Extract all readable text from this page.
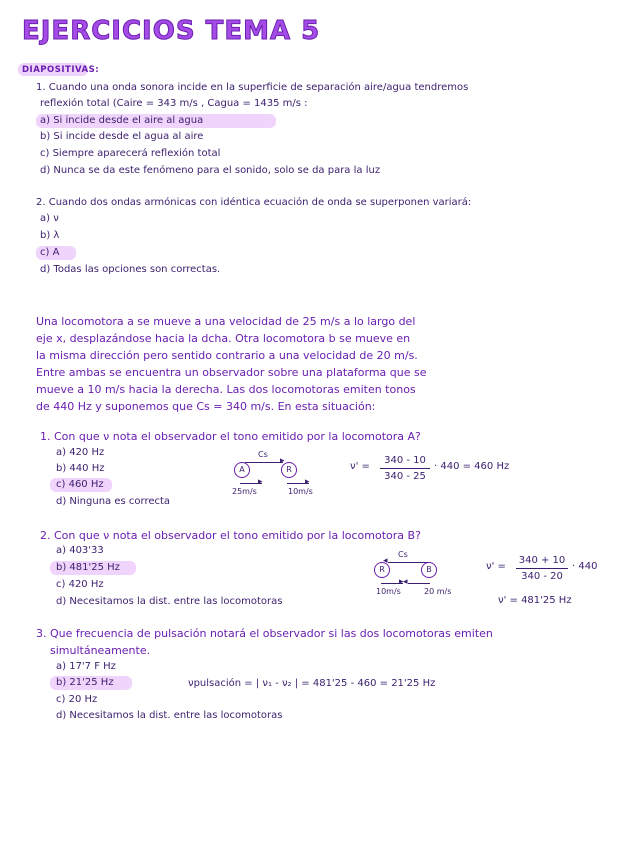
EJERCICIOS TEMA 5
DIAPOSITIVAS:
1. Cuando una onda sonora incide en la superficie de separación aire/agua tendremos
reflexión total (Caire = 343 m/s , Cagua = 1435 m/s :
a) Si incide desde el aire al agua
b) Si incide desde el agua al aire
c) Siempre aparecerá reflexión total
d) Nunca se da este fenómeno para el sonido, solo se da para la luz
2. Cuando dos ondas armónicas con idéntica ecuación de onda se superponen variará:
a) ν
b) λ
c) A
d) Todas las opciones son correctas.
Una locomotora a se mueve a una velocidad de 25 m/s a lo largo del
eje x, desplazándose hacia la dcha. Otra locomotora b se mueve en
la misma dirección pero sentido contrario a una velocidad de 20 m/s.
Entre ambas se encuentra un observador sobre una plataforma que se
mueve a 10 m/s hacia la derecha. Las dos locomotoras emiten tonos
de 440 Hz y suponemos que Cs = 340 m/s. En esta situación:
1. Con que ν nota el observador el tono emitido por la locomotora A?
a) 420 Hz
b) 440 Hz
c) 460 Hz
d) Ninguna es correcta
Cs
▸
A	R
▸	▸
25m/s	10m/s
ν' =
340 - 10
340 - 25
· 440 = 460 Hz
2. Con que ν nota el observador el tono emitido por la locomotora B?
a) 403'33
b) 481'25 Hz
c) 420 Hz
d) Necesitamos la dist. entre las locomotoras
Cs
◂
R	B
▸ ◂
10m/s	20 m/s
ν' =
340 + 10
340 - 20
· 440
ν' = 481'25 Hz
3. Que frecuencia de pulsación notará el observador si las dos locomotoras emiten
simultáneamente.
a) 17'7 F Hz
b) 21'25 Hz
c) 20 Hz
d) Necesitamos la dist. entre las locomotoras
νpulsación = | ν₁ - ν₂ | = 481'25 - 460 = 21'25 Hz
